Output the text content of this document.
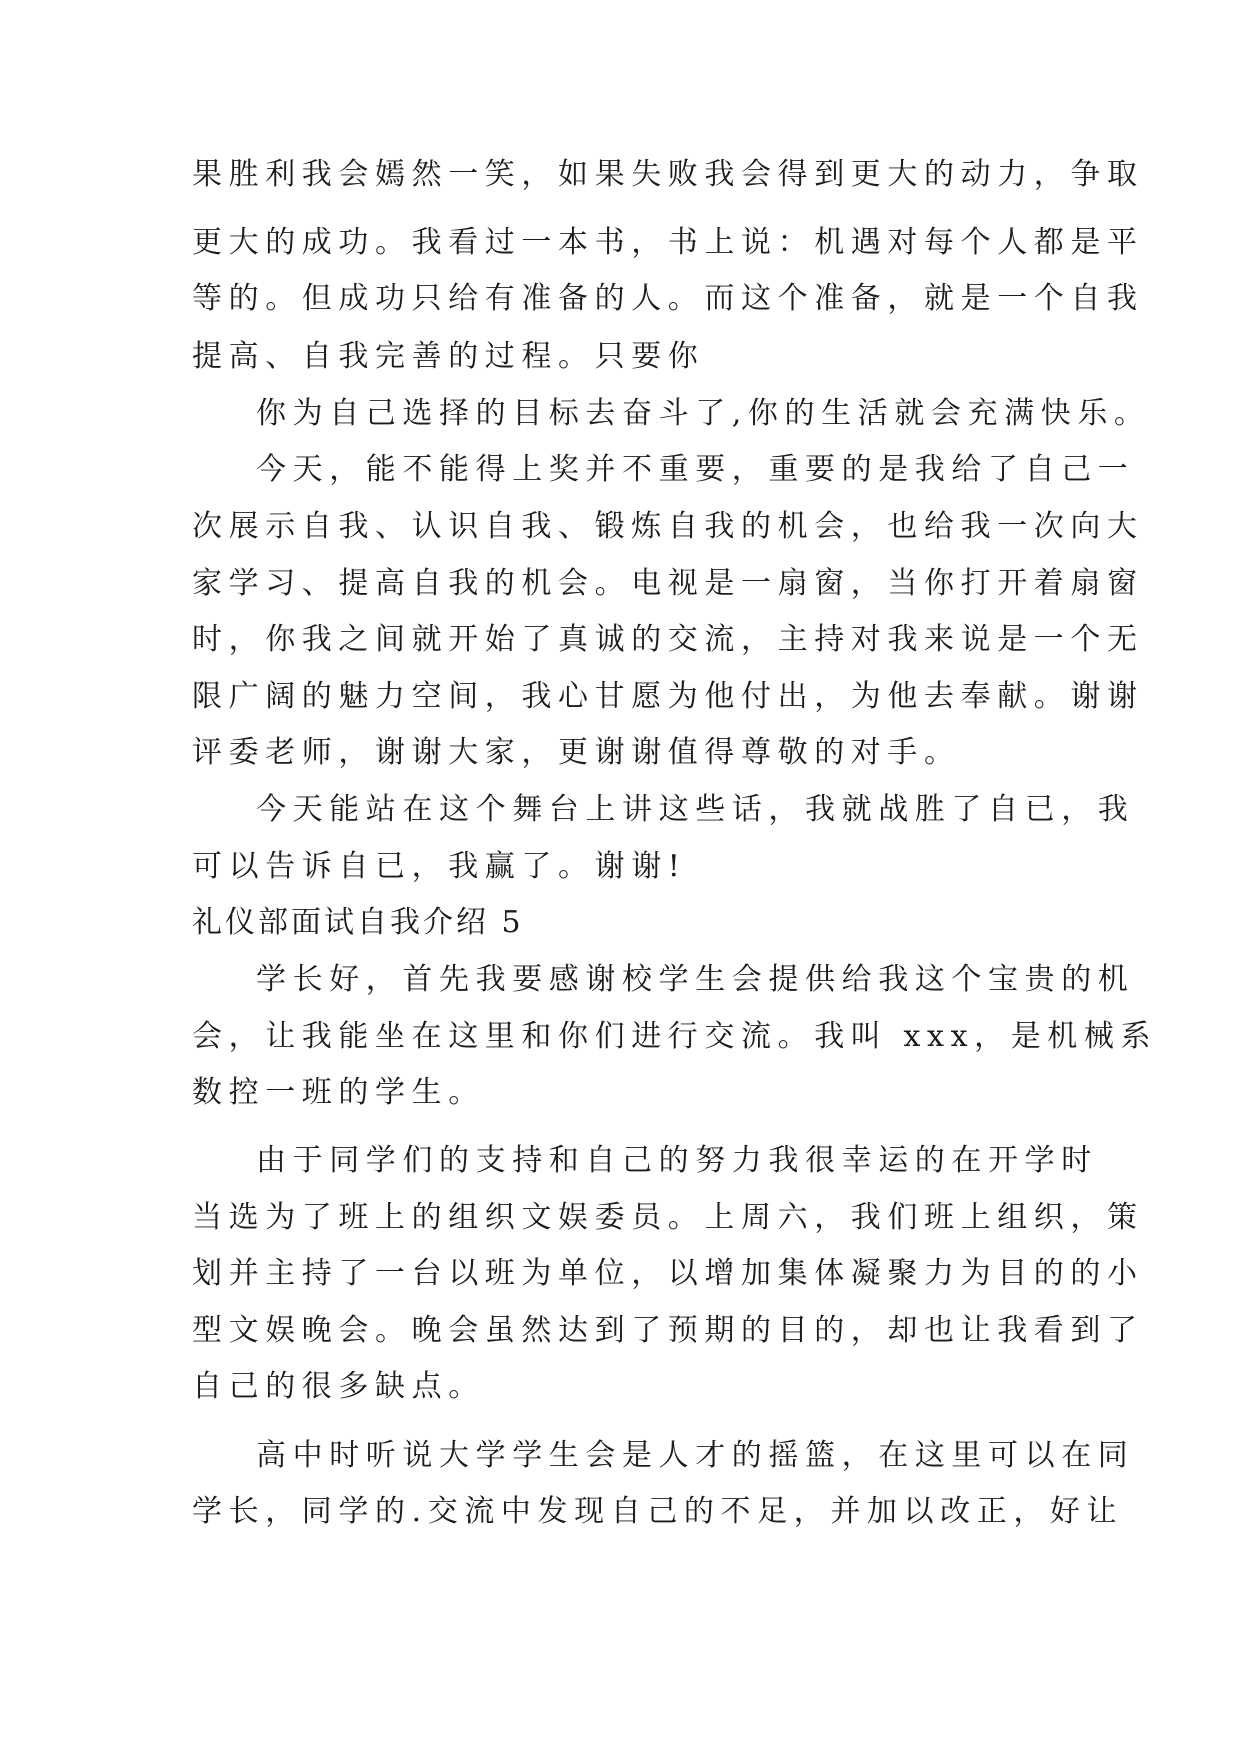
果胜利我会嫣然一笑，如果失败我会得到更大的动力，争取

更大的成功。我看过一本书，书上说：机遇对每个人都是平

等的。但成功只给有准备的人。而这个准备，就是一个自我

提高、自我完善的过程。只要你

你为自己选择的目标去奋斗了,你的生活就会充满快乐。

今天，能不能得上奖并不重要，重要的是我给了自己一

次展示自我、认识自我、锻炼自我的机会，也给我一次向大

家学习、提高自我的机会。电视是一扇窗，当你打开着扇窗

时，你我之间就开始了真诚的交流，主持对我来说是一个无

限广阔的魅力空间，我心甘愿为他付出，为他去奉献。谢谢

评委老师，谢谢大家，更谢谢值得尊敬的对手。

今天能站在这个舞台上讲这些话，我就战胜了自已，我

可以告诉自已，我赢了。谢谢!

礼仪部面试自我介绍 5

学长好，首先我要感谢校学生会提供给我这个宝贵的机

会，让我能坐在这里和你们进行交流。我叫 xxx，是机械系

数控一班的学生。

由于同学们的支持和自己的努力我很幸运的在开学时

当选为了班上的组织文娱委员。上周六，我们班上组织，策

划并主持了一台以班为单位，以增加集体凝聚力为目的的小

型文娱晚会。晚会虽然达到了预期的目的，却也让我看到了

自己的很多缺点。

高中时听说大学学生会是人才的摇篮，在这里可以在同

学长，同学的.交流中发现自己的不足，并加以改正，好让
